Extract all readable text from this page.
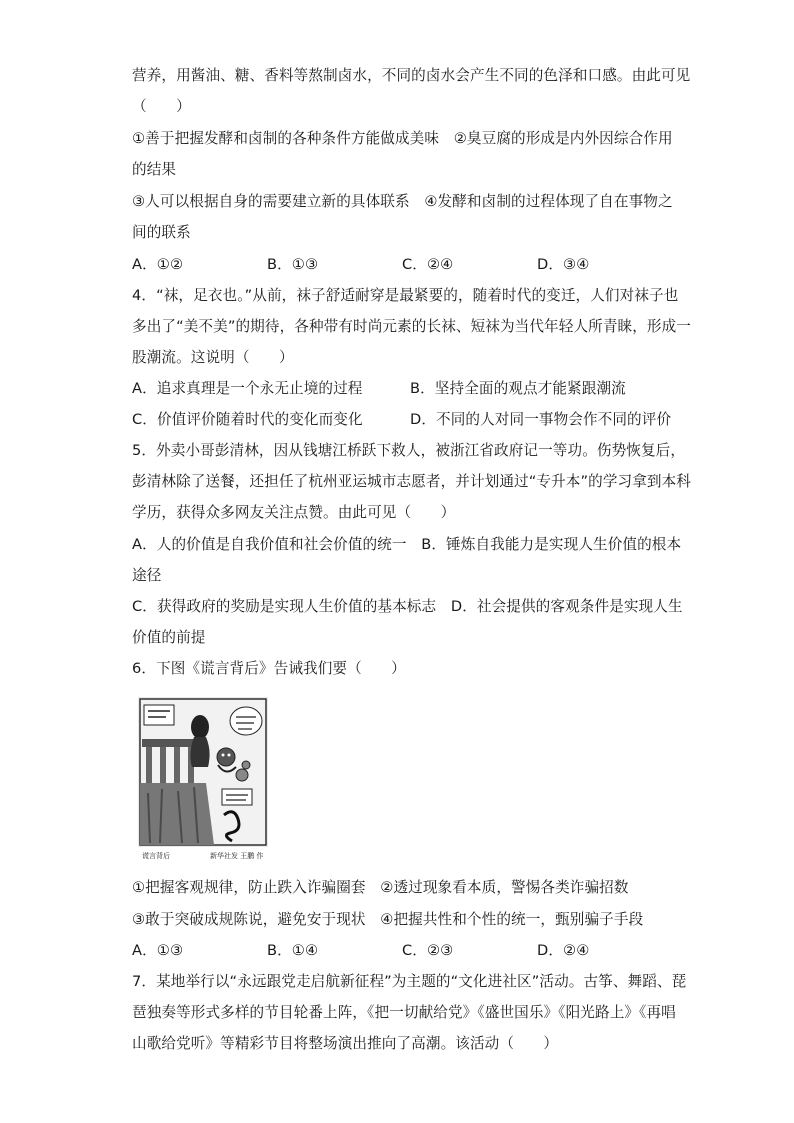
营养，用酱油、糖、香料等熬制卤水，不同的卤水会产生不同的色泽和口感。由此可见
（　　）
①善于把握发酵和卤制的各种条件方能做成美味　②臭豆腐的形成是内外因综合作用
的结果
③人可以根据自身的需要建立新的具体联系　④发酵和卤制的过程体现了自在事物之
间的联系
A．①②	B．①③	C．②④	D．③④
4．“袜，足衣也。”从前，袜子舒适耐穿是最紧要的，随着时代的变迁，人们对袜子也
多出了“美不美”的期待，各种带有时尚元素的长袜、短袜为当代年轻人所青睐，形成一
股潮流。这说明（　　）
A．追求真理是一个永无止境的过程	B．坚持全面的观点才能紧跟潮流
C．价值评价随着时代的变化而变化	D．不同的人对同一事物会作不同的评价
5．外卖小哥彭清林，因从钱塘江桥跃下救人，被浙江省政府记一等功。伤势恢复后，
彭清林除了送餐，还担任了杭州亚运城市志愿者，并计划通过“专升本”的学习拿到本科
学历，获得众多网友关注点赞。由此可见（　　）
A．人的价值是自我价值和社会价值的统一　B．锤炼自我能力是实现人生价值的根本
途径
C．获得政府的奖励是实现人生价值的基本标志　D．社会提供的客观条件是实现人生
价值的前提
6．下图《谎言背后》告诫我们要（　　）
谎言背后	新华社发 王鹏 作
①把握客观规律，防止跌入诈骗圈套　②透过现象看本质，警惕各类诈骗招数
③敢于突破成规陈说，避免安于现状　④把握共性和个性的统一，甄别骗子手段
A．①③	B．①④	C．②③	D．②④
7．某地举行以“永远跟党走启航新征程”为主题的“文化进社区”活动。古筝、舞蹈、琵
琶独奏等形式多样的节目轮番上阵，《把一切献给党》《盛世国乐》《阳光路上》《再唱
山歌给党听》等精彩节目将整场演出推向了高潮。该活动（　　）
